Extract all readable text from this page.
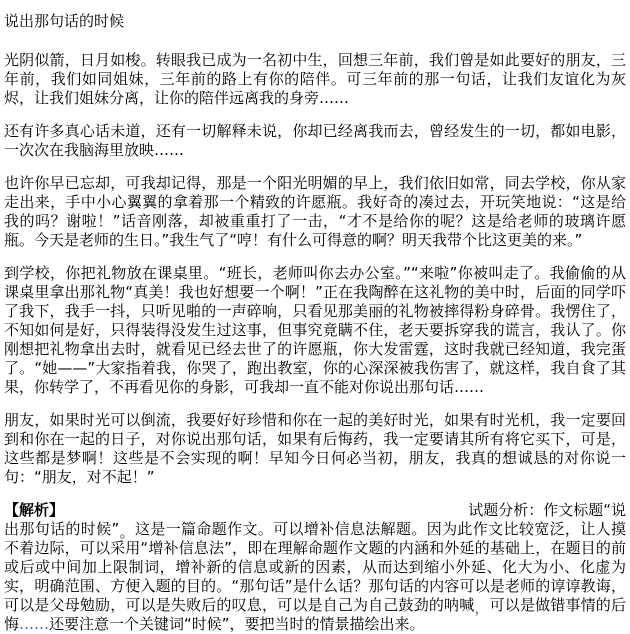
说出那句话的时候

光阴似箭，日月如梭。转眼我已成为一名初中生，回想三年前，我们曾是如此要好的朋友，三年前，我们如同姐妹，三年前的路上有你的陪伴。可三年前的那一句话，让我们友谊化为灰烬，让我们姐妹分离，让你的陪伴远离我的身旁……

还有许多真心话未道，还有一切解释未说，你却已经离我而去，曾经发生的一切，都如电影，一次次在我脑海里放映……

也许你早已忘却，可我却记得，那是一个阳光明媚的早上，我们依旧如常，同去学校，你从家走出来，手中小心翼翼的拿着那一个精致的许愿瓶。我好奇的凑过去，开玩笑地说：“这是给我的吗？谢啦！”话音刚落，却被重重打了一击，“才不是给你的呢？这是给老师的玻璃许愿瓶。今天是老师的生日。”我生气了“哼！有什么可得意的啊？明天我带个比这更美的来。”

到学校，你把礼物放在课桌里。“班长，老师叫你去办公室。”“来啦”你被叫走了。我偷偷的从课桌里拿出那礼物“真美！我也好想要一个啊！”正在我陶醉在这礼物的美中时，后面的同学吓了我下，我手一抖，只听见啪的一声碎响，只看见那美丽的礼物被摔得粉身碎骨。我愣住了，不知如何是好，只得装得没发生过这事，但事究竟瞒不住，老天要拆穿我的谎言，我认了。你刚想把礼物拿出去时，就看见已经去世了的许愿瓶，你大发雷霆，这时我就已经知道，我完蛋了。“她——”大家指着我，你哭了，跑出教室，你的心深深被我伤害了，就这样，我自食了其果，你转学了，不再看见你的身影，可我却一直不能对你说出那句话……

朋友，如果时光可以倒流，我要好好珍惜和你在一起的美好时光，如果有时光机，我一定要回到和你在一起的日子，对你说出那句话，如果有后悔药，我一定要请其所有将它买下，可是，这些都是梦啊！这些是不会实现的啊！早知今日何必当初，朋友，我真的想诚恳的对你说一句：“朋友，对不起！”

【解析】	试题分析：作文标题“说
出那句话的时候”。这是一篇命题作文。可以增补信息法解题。因为此作文比较宽泛，让人摸不着边际，可以采用“增补信息法”，即在理解命题作文题的内涵和外延的基础上，在题目的前或后或中间加上限制词，增补新的信息或新的因素，从而达到缩小外延、化大为小、化虚为实，明确范围、方便入题的目的。“那句话”是什么话？那句话的内容可以是老师的谆谆教诲，可以是父母勉励，可以是失败后的叹息，可以是自己为自己鼓劲的呐喊，可以是做错事情的后悔……还要注意一个关键词“时候”，要把当时的情景描绘出来。
